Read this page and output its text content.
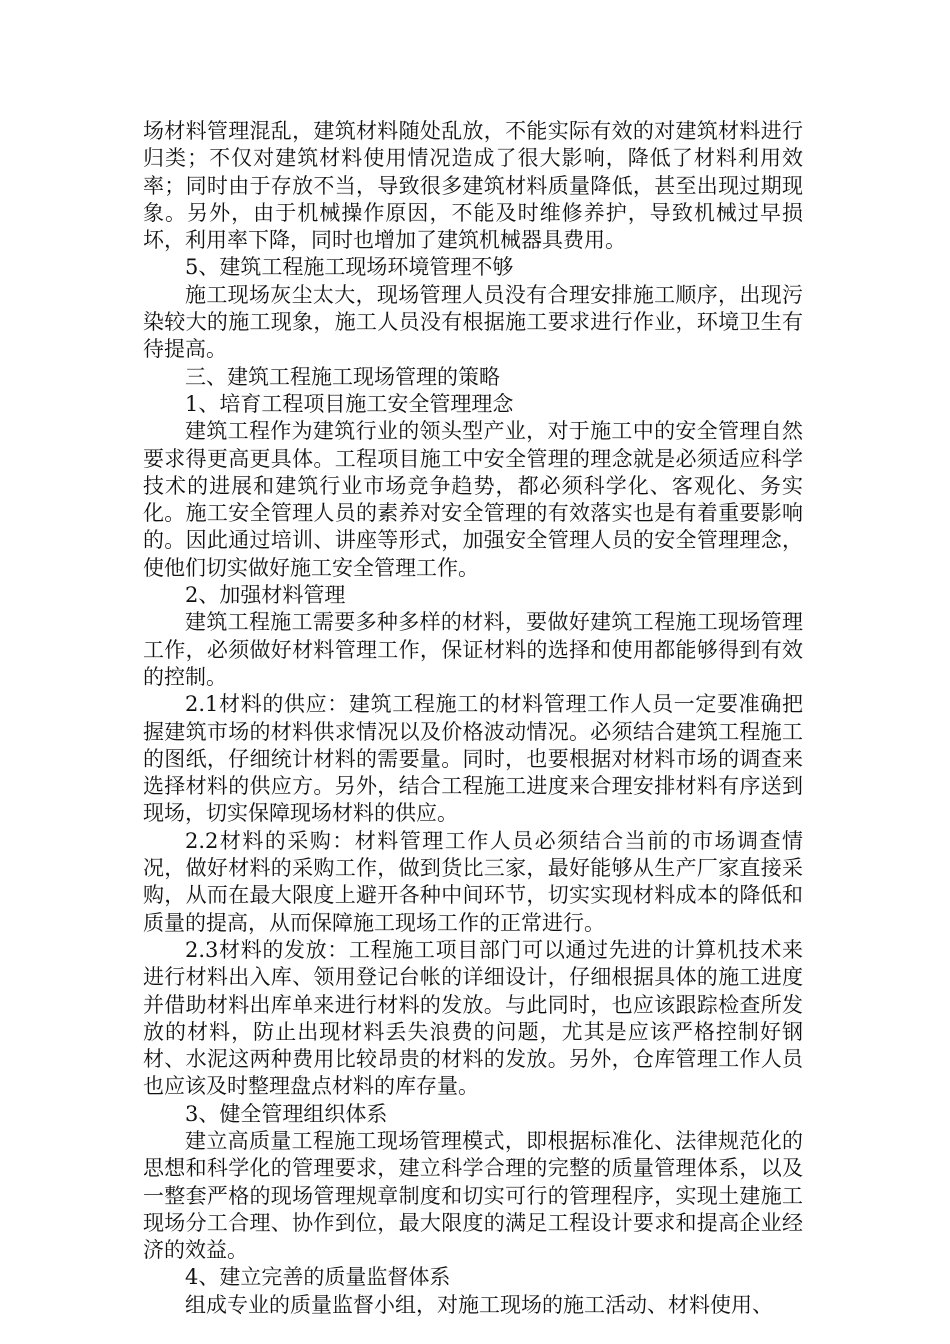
场材料管理混乱，建筑材料随处乱放，不能实际有效的对建筑材料进行归类；不仅对建筑材料使用情况造成了很大影响，降低了材料利用效率；同时由于存放不当，导致很多建筑材料质量降低，甚至出现过期现象。另外，由于机械操作原因，不能及时维修养护，导致机械过早损坏，利用率下降，同时也增加了建筑机械器具费用。

5、建筑工程施工现场环境管理不够

施工现场灰尘太大，现场管理人员没有合理安排施工顺序，出现污染较大的施工现象，施工人员没有根据施工要求进行作业，环境卫生有待提高。

三、建筑工程施工现场管理的策略

1、培育工程项目施工安全管理理念

建筑工程作为建筑行业的领头型产业，对于施工中的安全管理自然要求得更高更具体。工程项目施工中安全管理的理念就是必须适应科学技术的进展和建筑行业市场竞争趋势，都必须科学化、客观化、务实化。施工安全管理人员的素养对安全管理的有效落实也是有着重要影响的。因此通过培训、讲座等形式，加强安全管理人员的安全管理理念，使他们切实做好施工安全管理工作。

2、加强材料管理

建筑工程施工需要多种多样的材料，要做好建筑工程施工现场管理工作，必须做好材料管理工作，保证材料的选择和使用都能够得到有效的控制。

2.1材料的供应：建筑工程施工的材料管理工作人员一定要准确把握建筑市场的材料供求情况以及价格波动情况。必须结合建筑工程施工的图纸，仔细统计材料的需要量。同时，也要根据对材料市场的调查来选择材料的供应方。另外，结合工程施工进度来合理安排材料有序送到现场，切实保障现场材料的供应。

2.2材料的采购：材料管理工作人员必须结合当前的市场调查情况，做好材料的采购工作，做到货比三家，最好能够从生产厂家直接采购，从而在最大限度上避开各种中间环节，切实实现材料成本的降低和质量的提高，从而保障施工现场工作的正常进行。

2.3材料的发放：工程施工项目部门可以通过先进的计算机技术来进行材料出入库、领用登记台帐的详细设计，仔细根据具体的施工进度并借助材料出库单来进行材料的发放。与此同时，也应该跟踪检查所发放的材料，防止出现材料丢失浪费的问题，尤其是应该严格控制好钢材、水泥这两种费用比较昂贵的材料的发放。另外，仓库管理工作人员也应该及时整理盘点材料的库存量。

3、健全管理组织体系

建立高质量工程施工现场管理模式，即根据标准化、法律规范化的思想和科学化的管理要求，建立科学合理的完整的质量管理体系，以及一整套严格的现场管理规章制度和切实可行的管理程序，实现土建施工现场分工合理、协作到位，最大限度的满足工程设计要求和提高企业经济的效益。

4、建立完善的质量监督体系

组成专业的质量监督小组，对施工现场的施工活动、材料使用、
